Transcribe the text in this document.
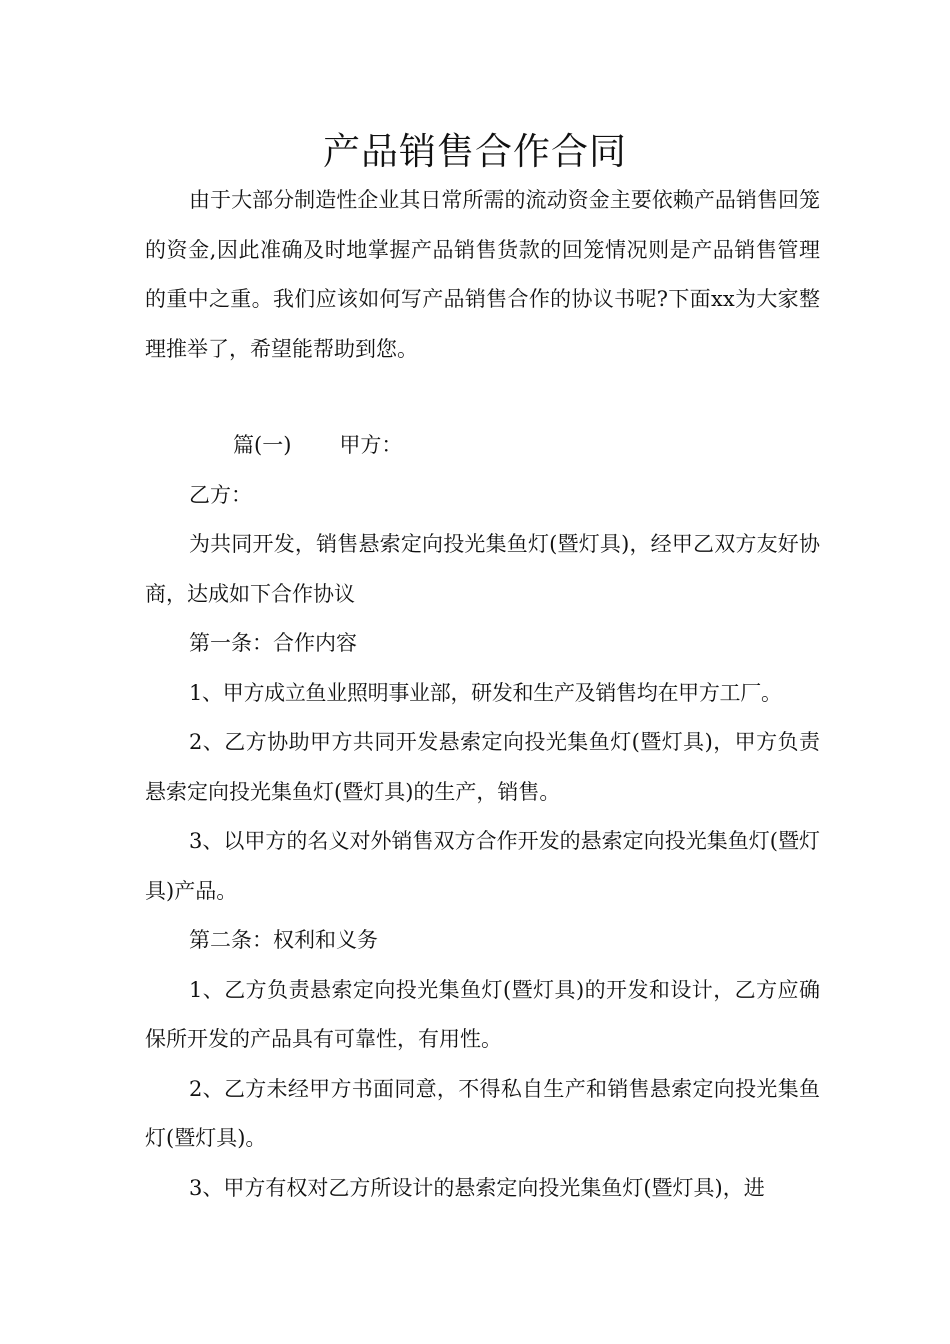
产品销售合作合同

由于大部分制造性企业其日常所需的流动资金主要依赖产品销售回笼的资金,因此准确及时地掌握产品销售货款的回笼情况则是产品销售管理的重中之重。我们应该如何写产品销售合作的协议书呢?下面xx为大家整理推举了，希望能帮助到您。

篇(一) 甲方：

乙方：

为共同开发，销售悬索定向投光集鱼灯(暨灯具)，经甲乙双方友好协商，达成如下合作协议

第一条：合作内容

1、甲方成立鱼业照明事业部，研发和生产及销售均在甲方工厂。

2、乙方协助甲方共同开发悬索定向投光集鱼灯(暨灯具)，甲方负责悬索定向投光集鱼灯(暨灯具)的生产，销售。

3、以甲方的名义对外销售双方合作开发的悬索定向投光集鱼灯(暨灯具)产品。

第二条：权利和义务

1、乙方负责悬索定向投光集鱼灯(暨灯具)的开发和设计，乙方应确保所开发的产品具有可靠性，有用性。

2、乙方未经甲方书面同意，不得私自生产和销售悬索定向投光集鱼灯(暨灯具)。

3、甲方有权对乙方所设计的悬索定向投光集鱼灯(暨灯具)，进
